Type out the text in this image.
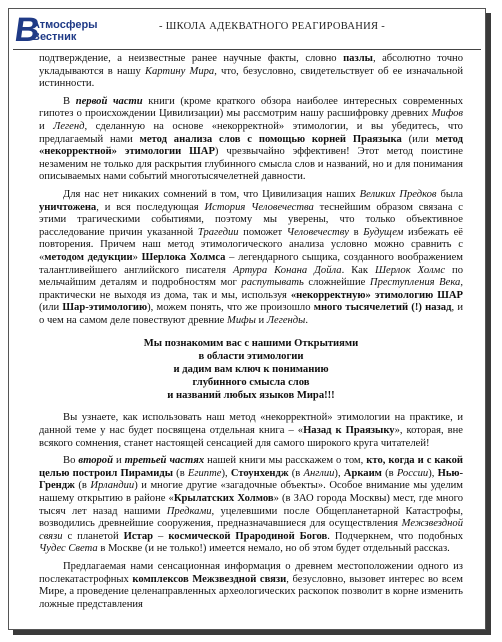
В
Атмосферы
Вестник
- ШКОЛА АДЕКВАТНОГО РЕАГИРОВАНИЯ -

подтверждение, а неизвестные ранее научные факты, словно пазлы, абсолютно точно укладываются в нашу Картину Мира, что, безусловно, свидетельствует об ее изначальной истинности.

В первой части книги (кроме краткого обзора наиболее интересных современных гипотез о происхождении Цивилизации) мы рассмотрим нашу расшифровку древних Мифов и Легенд, сделанную на основе «некорректной» этимологии, и вы убедитесь, что предлагаемый нами метод анализа слов с помощью корней Праязыка (или метод «некорректной» этимологии ШАР) чрезвычайно эффективен! Этот метод поистине незаменим не только для раскрытия глубинного смысла слов и названий, но и для понимания описываемых нами событий многотысячелетней давности.

Для нас нет никаких сомнений в том, что Цивилизация наших Великих Предков была уничтожена, и вся последующая История Человечества теснейшим образом связана с этими трагическими событиями, поэтому мы уверены, что только объективное расследование причин указанной Трагедии поможет Человечеству в Будущем избежать её повторения. Причем наш метод этимологического анализа условно можно сравнить с «методом дедукции» Шерлока Холмса – легендарного сыщика, созданного воображением талантливейшего английского писателя Артура Конана Дойла. Как Шерлок Холмс по мельчайшим деталям и подробностям мог распутывать сложнейшие Преступления Века, практически не выходя из дома, так и мы, используя «некорректную» этимологию ШАР (или Шар-этимологию), можем понять, что же произошло много тысячелетий (!) назад, и о чем на самом деле повествуют древние Мифы и Легенды.

Мы познакомим вас с нашими Открытиями
в области этимологии
и дадим вам ключ к пониманию
глубинного смысла слов
и названий любых языков Мира!!!

Вы узнаете, как использовать наш метод «некорректной» этимологии на практике, и данной теме у нас будет посвящена отдельная книга – «Назад к Праязыку», которая, вне всякого сомнения, станет настоящей сенсацией для самого широкого круга читателей!

Во второй и третьей частях нашей книги мы расскажем о том, кто, когда и с какой целью построил Пирамиды (в Египте), Стоунхендж (в Англии), Аркаим (в России), Нью-Грендж (в Ирландии) и многие другие «загадочные объекты». Особое внимание мы уделим нашему открытию в районе «Крылатских Холмов» (в ЗАО города Москвы) мест, где много тысяч лет назад нашими Предками, уцелевшими после Общепланетарной Катастрофы, возводились древнейшие сооружения, предназначавшиеся для осуществления Межзвездной связи с планетой Истар – космической Прародиной Богов. Подчеркнем, что подобных Чудес Света в Москве (и не только!) имеется немало, но об этом будет отдельный рассказ.

Предлагаемая нами сенсационная информация о древнем местоположении одного из послекатастрофных комплексов Межзвездной связи, безусловно, вызовет интерес во всем Мире, а проведение целенаправленных археологических раскопок позволит в корне изменить ложные представления
